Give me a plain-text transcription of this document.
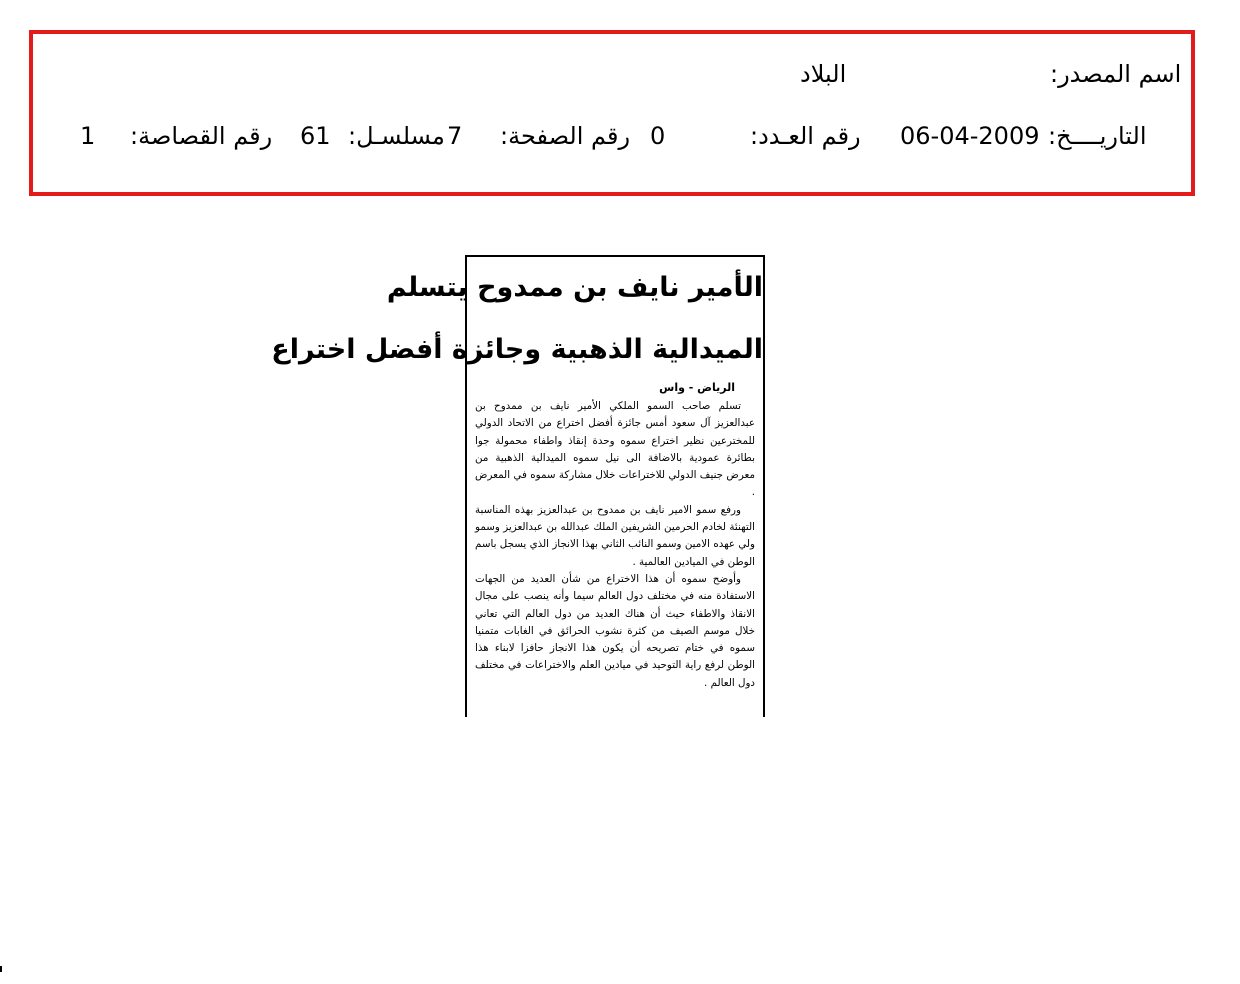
اسم المصدر:
البلاد
التاريــــخ:
06-04-2009
رقم العـدد:
0
رقم الصفحة:
7
مسلسـل:
61
رقم القصاصة:
1
الأمير نايف بن ممدوح يتسلم
الميدالية الذهبية وجائزة أفضل اختراع
الرياض - واس

تسلم صاحب السمو الملكي الأمير نايف بن ممدوح بن عبدالعزيز آل سعود أمس جائزة أفضل اختراع من الاتحاد الدولي للمخترعين نظير اختراع سموه وحدة إنقاذ واطفاء محمولة جوا بطائرة عمودية بالاضافة الى نيل سموه الميدالية الذهبية من معرض جنيف الدولي للاختراعات خلال مشاركة سموه في المعرض .

ورفع سمو الامير نايف بن ممدوح بن عبدالعزيز بهذه المناسبة التهنئة لخادم الحرمين الشريفين الملك عبدالله بن عبدالعزيز وسمو ولي عهده الامين وسمو النائب الثاني بهذا الانجاز الذي يسجل باسم الوطن في الميادين العالمية .

وأوضح سموه أن هذا الاختراع من شأن العديد من الجهات الاستفادة منه في مختلف دول العالم سيما وأنه ينصب على مجال الانقاذ والاطفاء حيث أن هناك العديد من دول العالم التي تعاني خلال موسم الصيف من كثرة نشوب الحرائق في الغابات متمنيا سموه في ختام تصريحه أن يكون هذا الانجاز حافزا لابناء هذا الوطن لرفع راية التوحيد في ميادين العلم والاختراعات في مختلف دول العالم .
